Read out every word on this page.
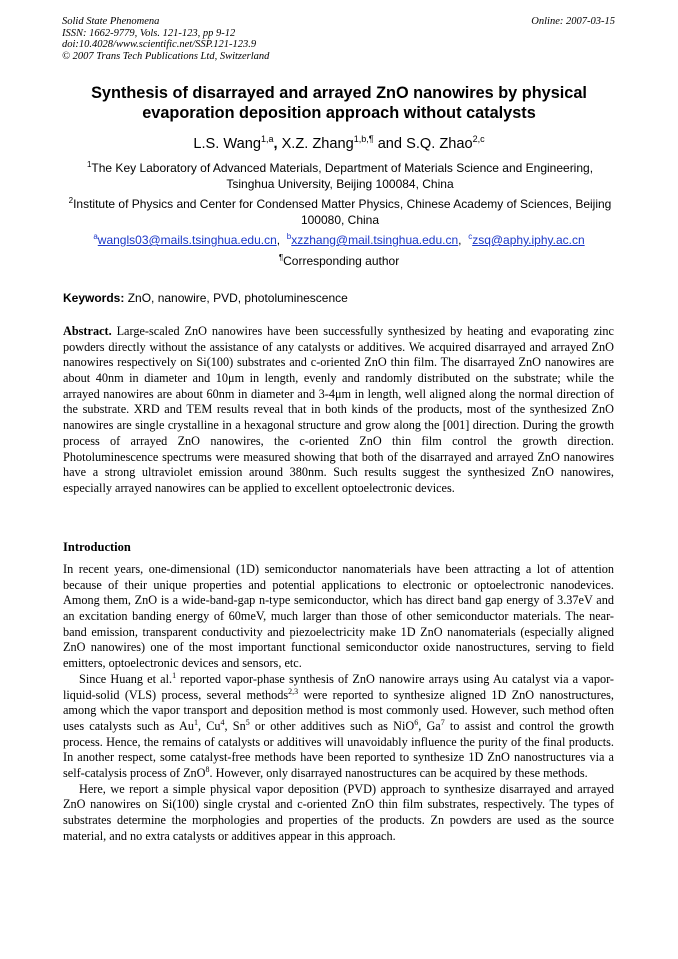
Solid State Phenomena
ISSN: 1662-9779, Vols. 121-123, pp 9-12
doi:10.4028/www.scientific.net/SSP.121-123.9
© 2007 Trans Tech Publications Ltd, Switzerland
Online: 2007-03-15
Synthesis of disarrayed and arrayed ZnO nanowires by physical evaporation deposition approach without catalysts
L.S. Wang$^{1,a}$, X.Z. Zhang$^{1,b,\P}$ and S.Q. Zhao$^{2,c}$
$^1$The Key Laboratory of Advanced Materials, Department of Materials Science and Engineering, Tsinghua University, Beijing 100084, China
$^2$Institute of Physics and Center for Condensed Matter Physics, Chinese Academy of Sciences, Beijing 100080, China
$^a$wangls03@mails.tsinghua.edu.cn,  $^b$xzzhang@mail.tsinghua.edu.cn,  $^c$zsq@aphy.iphy.ac.cn
¶Corresponding author
Keywords: ZnO, nanowire, PVD, photoluminescence

Abstract. Large-scaled ZnO nanowires have been successfully synthesized by heating and evaporating zinc powders directly without the assistance of any catalysts or additives. We acquired disarrayed and arrayed ZnO nanowires respectively on Si(100) substrates and c-oriented ZnO thin film. The disarrayed ZnO nanowires are about 40nm in diameter and 10μm in length, evenly and randomly distributed on the substrate; while the arrayed nanowires are about 60nm in diameter and 3-4μm in length, well aligned along the normal direction of the substrate. XRD and TEM results reveal that in both kinds of the products, most of the synthesized ZnO nanowires are single crystalline in a hexagonal structure and grow along the [001] direction. During the growth process of arrayed ZnO nanowires, the c-oriented ZnO thin film control the growth direction. Photoluminescence spectrums were measured showing that both of the disarrayed and arrayed ZnO nanowires have a strong ultraviolet emission around 380nm. Such results suggest the synthesized ZnO nanowires, especially arrayed nanowires can be applied to excellent optoelectronic devices.

Introduction

In recent years, one-dimensional (1D) semiconductor nanomaterials have been attracting a lot of attention because of their unique properties and potential applications to electronic or optoelectronic nanodevices. Among them, ZnO is a wide-band-gap n-type semiconductor, which has direct band gap energy of 3.37eV and an excitation banding energy of 60meV, much larger than those of other semiconductor materials. The near-band emission, transparent conductivity and piezoelectricity make 1D ZnO nanomaterials (especially aligned ZnO nanowires) one of the most important functional semiconductor oxide nanostructures, serving to field emitters, optoelectronic devices and sensors, etc.

Since Huang et al.$^1$ reported vapor-phase synthesis of ZnO nanowire arrays using Au catalyst via a vapor-liquid-solid (VLS) process, several methods$^{2,3}$ were reported to synthesize aligned 1D ZnO nanostructures, among which the vapor transport and deposition method is most commonly used. However, such method often uses catalysts such as Au$^1$, Cu$^4$, Sn$^5$ or other additives such as NiO$^6$, Ga$^7$ to assist and control the growth process. Hence, the remains of catalysts or additives will unavoidably influence the purity of the final products. In another respect, some catalyst-free methods have been reported to synthesize 1D ZnO nanostructures via a self-catalysis process of ZnO$^8$. However, only disarrayed nanostructures can be acquired by these methods.

Here, we report a simple physical vapor deposition (PVD) approach to synthesize disarrayed and arrayed ZnO nanowires on Si(100) single crystal and c-oriented ZnO thin film substrates, respectively. The types of substrates determine the morphologies and properties of the products. Zn powders are used as the source material, and no extra catalysts or additives appear in this approach.
